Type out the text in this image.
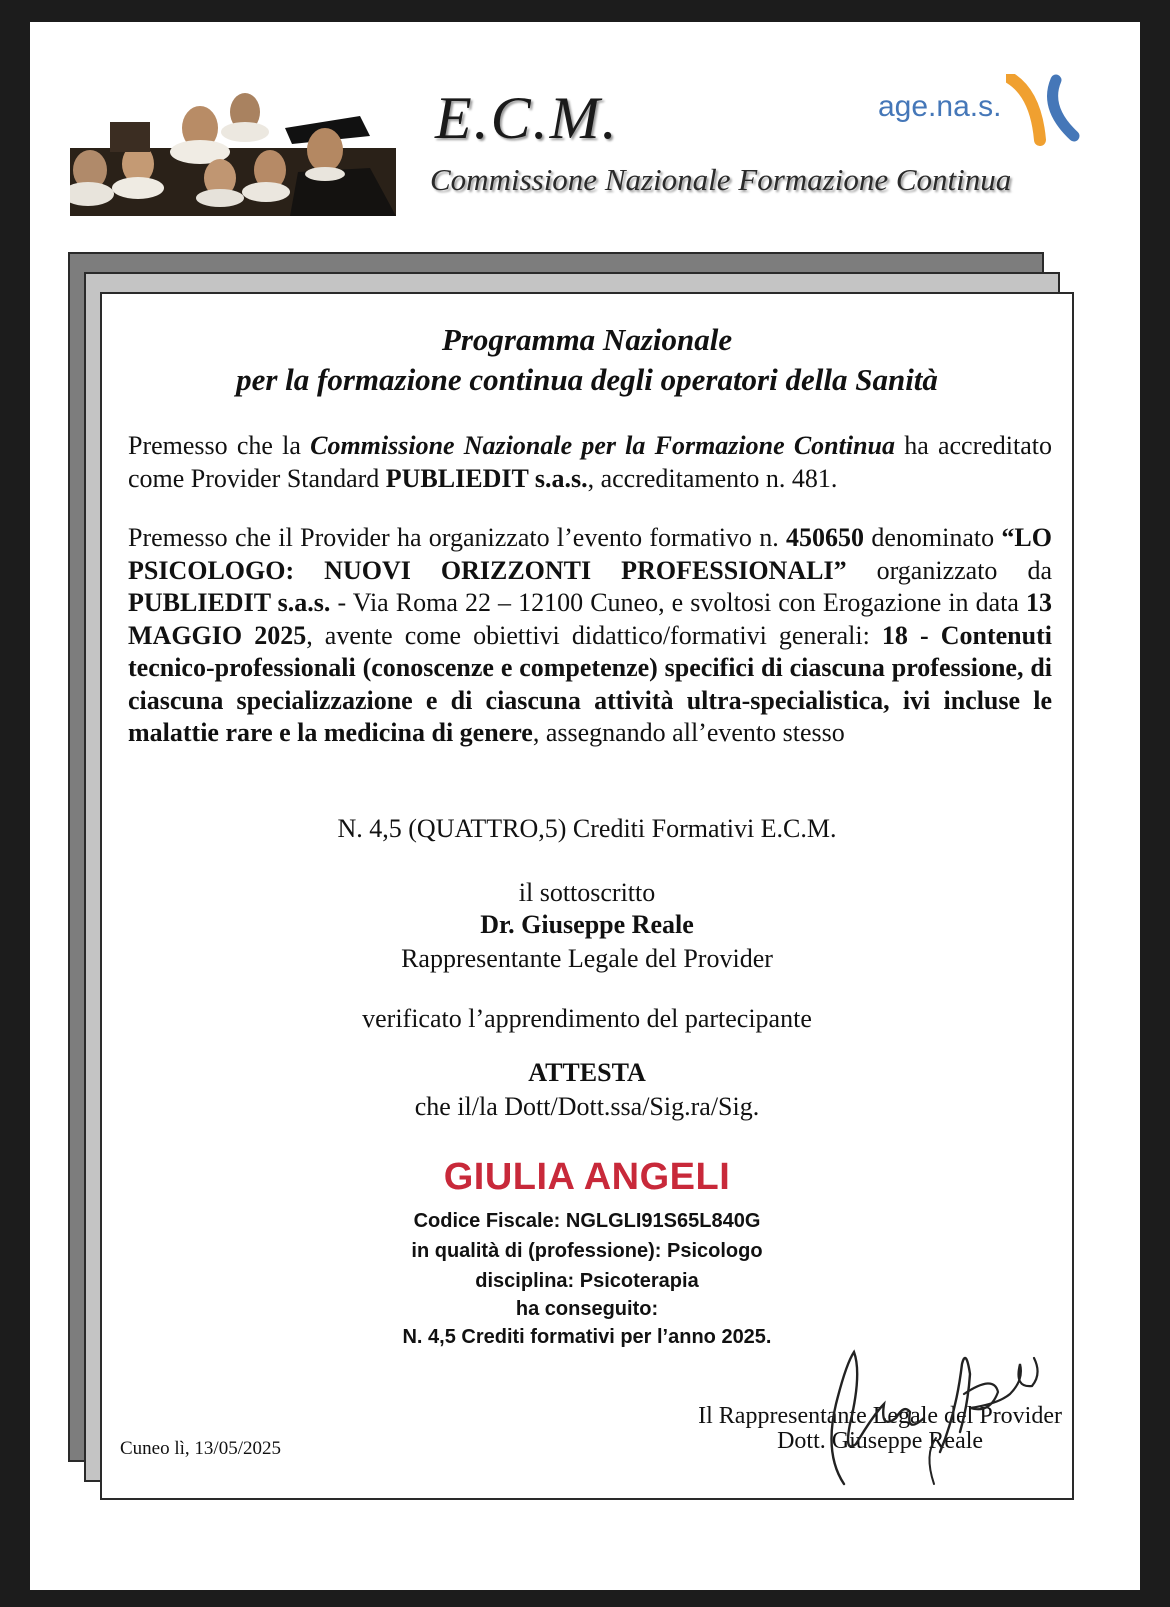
E.C.M.
Commissione Nazionale Formazione Continua
age.na.s.
Programma Nazionale
per la formazione continua degli operatori della Sanità
Premesso che la Commissione Nazionale per la Formazione Continua ha accreditato come Provider Standard PUBLIEDIT s.a.s., accreditamento n. 481.
Premesso che il Provider ha organizzato l’evento formativo n. 450650 denominato “LO PSICOLOGO: NUOVI ORIZZONTI PROFESSIONALI” organizzato da PUBLIEDIT s.a.s. - Via Roma 22 – 12100 Cuneo, e svoltosi con Erogazione in data 13 MAGGIO 2025, avente come obiettivi didattico/formativi generali: 18 - Contenuti tecnico-professionali (conoscenze e competenze) specifici di ciascuna professione, di ciascuna specializzazione e di ciascuna attività ultra-specialistica, ivi incluse le malattie rare e la medicina di genere, assegnando all’evento stesso
N. 4,5 (QUATTRO,5) Crediti Formativi E.C.M.
il sottoscritto
Dr. Giuseppe Reale
Rappresentante Legale del Provider
verificato l’apprendimento del partecipante
ATTESTA
che il/la Dott/Dott.ssa/Sig.ra/Sig.
GIULIA ANGELI
Codice Fiscale: NGLGLI91S65L840G
in qualità di (professione): Psicologo
disciplina: Psicoterapia
ha conseguito:
N. 4,5 Crediti formativi per l’anno 2025.
Cuneo lì, 13/05/2025
Il Rappresentante Legale del Provider
Dott. Giuseppe Reale
